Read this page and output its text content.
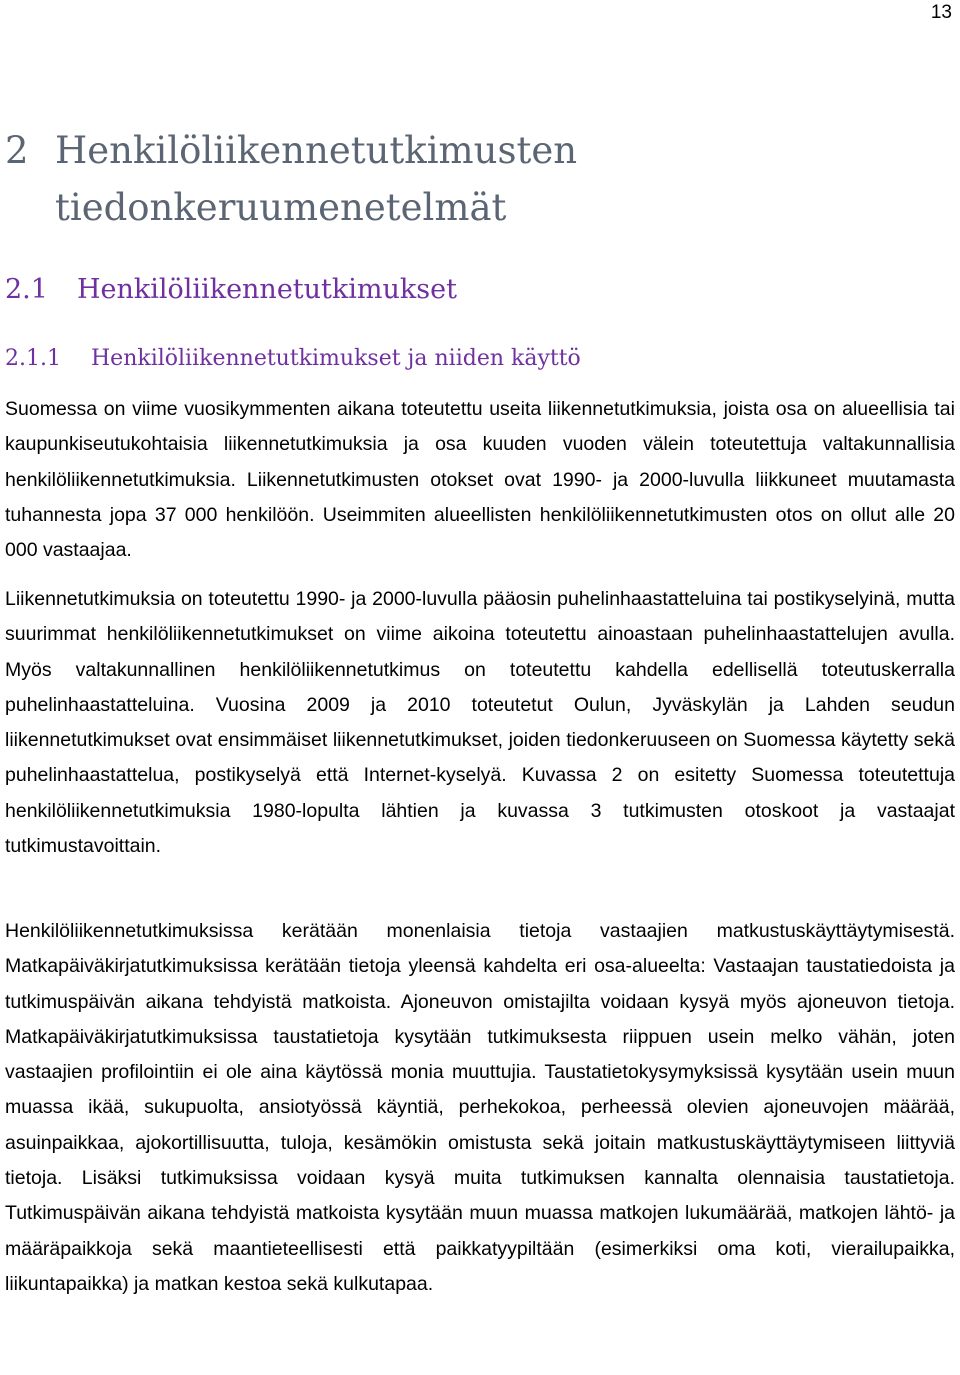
13
2 Henkilöliikennetutkimusten
tiedonkeruumenetelmät
2.1 Henkilöliikennetutkimukset
2.1.1 Henkilöliikennetutkimukset ja niiden käyttö

Suomessa on viime vuosikymmenten aikana toteutettu useita liikennetutkimuksia, joista osa on alueellisia tai kaupunkiseutukohtaisia liikennetutkimuksia ja osa kuuden vuoden välein toteutettuja valtakunnallisia henkilöliikennetutkimuksia. Liikennetutkimusten otokset ovat 1990- ja 2000-luvulla liikkuneet muutamasta tuhannesta jopa 37 000 henkilöön. Useimmiten alueellisten henkilöliikennetutkimusten otos on ollut alle 20 000 vastaajaa.

Liikennetutkimuksia on toteutettu 1990- ja 2000-luvulla pääosin puhelinhaastatteluina tai postikyselyinä, mutta suurimmat henkilöliikennetutkimukset on viime aikoina toteutettu ainoastaan puhelinhaastattelujen avulla. Myös valtakunnallinen henkilöliikennetutkimus on toteutettu kahdella edellisellä toteutuskerralla puhelinhaastatteluina. Vuosina 2009 ja 2010 toteutetut Oulun, Jyväskylän ja Lahden seudun liikennetutkimukset ovat ensimmäiset liikennetutkimukset, joiden tiedonkeruuseen on Suomessa käytetty sekä puhelinhaastattelua, postikyselyä että Internet-kyselyä. Kuvassa 2 on esitetty Suomessa toteutettuja henkilöliikennetutkimuksia 1980-lopulta lähtien ja kuvassa 3 tutkimusten otoskoot ja vastaajat tutkimustavoittain.

Henkilöliikennetutkimuksissa kerätään monenlaisia tietoja vastaajien matkustuskäyttäytymisestä. Matkapäiväkirjatutkimuksissa kerätään tietoja yleensä kahdelta eri osa-alueelta: Vastaajan taustatiedoista ja tutkimuspäivän aikana tehdyistä matkoista. Ajoneuvon omistajilta voidaan kysyä myös ajoneuvon tietoja. Matkapäiväkirjatutkimuksissa taustatietoja kysytään tutkimuksesta riippuen usein melko vähän, joten vastaajien profilointiin ei ole aina käytössä monia muuttujia. Taustatietokysymyksissä kysytään usein muun muassa ikää, sukupuolta, ansiotyössä käyntiä, perhekokoa, perheessä olevien ajoneuvojen määrää, asuinpaikkaa, ajokortillisuutta, tuloja, kesämökin omistusta sekä joitain matkustuskäyttäytymiseen liittyviä tietoja. Lisäksi tutkimuksissa voidaan kysyä muita tutkimuksen kannalta olennaisia taustatietoja. Tutkimuspäivän aikana tehdyistä matkoista kysytään muun muassa matkojen lukumäärää, matkojen lähtö- ja määräpaikkoja sekä maantieteellisesti että paikkatyypiltään (esimerkiksi oma koti, vierailupaikka, liikuntapaikka) ja matkan kestoa sekä kulkutapaa.
